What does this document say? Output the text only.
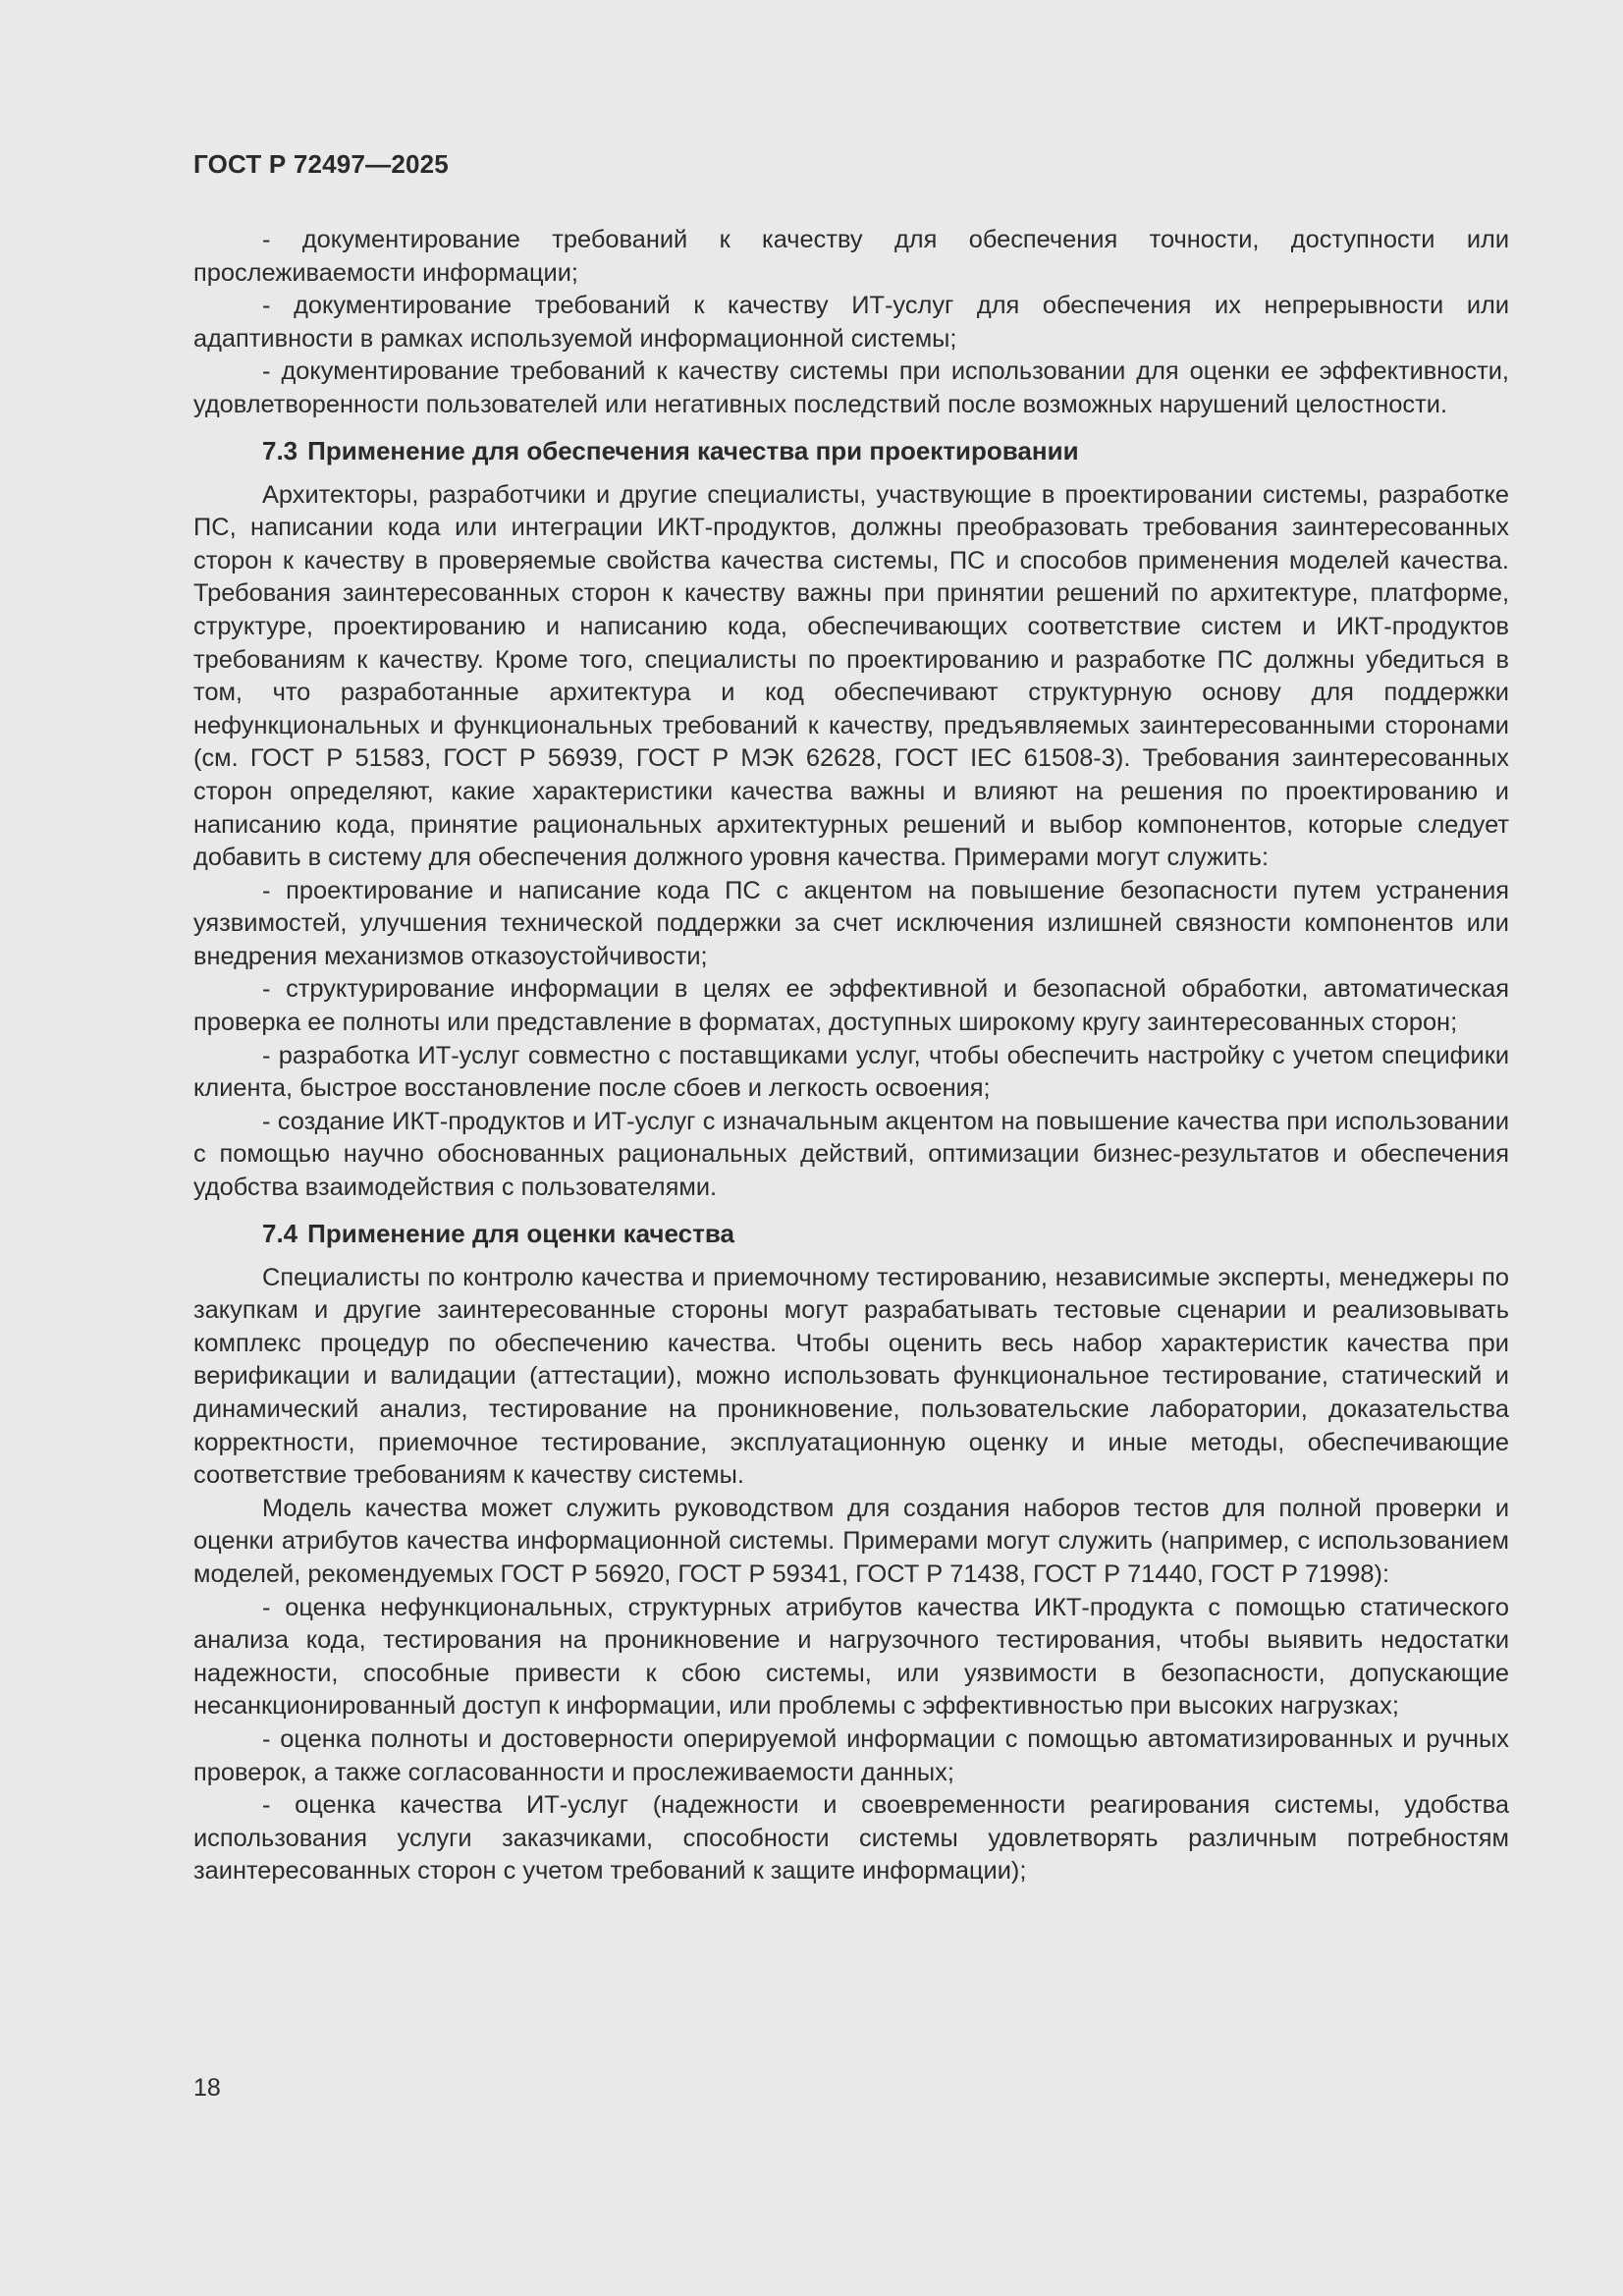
ГОСТ Р 72497—2025

- документирование требований к качеству для обеспечения точности, доступности или прослеживаемости информации;

- документирование требований к качеству ИТ-услуг для обеспечения их непрерывности или адаптивности в рамках используемой информационной системы;

- документирование требований к качеству системы при использовании для оценки ее эффективности, удовлетворенности пользователей или негативных последствий после возможных нарушений целостности.

7.3 Применение для обеспечения качества при проектировании

Архитекторы, разработчики и другие специалисты, участвующие в проектировании системы, разработке ПС, написании кода или интеграции ИКТ-продуктов, должны преобразовать требования заинтересованных сторон к качеству в проверяемые свойства качества системы, ПС и способов применения моделей качества. Требования заинтересованных сторон к качеству важны при принятии решений по архитектуре, платформе, структуре, проектированию и написанию кода, обеспечивающих соответствие систем и ИКТ-продуктов требованиям к качеству. Кроме того, специалисты по проектированию и разработке ПС должны убедиться в том, что разработанные архитектура и код обеспечивают структурную основу для поддержки нефункциональных и функциональных требований к качеству, предъявляемых заинтересованными сторонами (см. ГОСТ Р 51583, ГОСТ Р 56939, ГОСТ Р МЭК 62628, ГОСТ IEC 61508-3). Требования заинтересованных сторон определяют, какие характеристики качества важны и влияют на решения по проектированию и написанию кода, принятие рациональных архитектурных решений и выбор компонентов, которые следует добавить в систему для обеспечения должного уровня качества. Примерами могут служить:

- проектирование и написание кода ПС с акцентом на повышение безопасности путем устранения уязвимостей, улучшения технической поддержки за счет исключения излишней связности компонентов или внедрения механизмов отказоустойчивости;

- структурирование информации в целях ее эффективной и безопасной обработки, автоматическая проверка ее полноты или представление в форматах, доступных широкому кругу заинтересованных сторон;

- разработка ИТ-услуг совместно с поставщиками услуг, чтобы обеспечить настройку с учетом специфики клиента, быстрое восстановление после сбоев и легкость освоения;

- создание ИКТ-продуктов и ИТ-услуг с изначальным акцентом на повышение качества при использовании с помощью научно обоснованных рациональных действий, оптимизации бизнес-результатов и обеспечения удобства взаимодействия с пользователями.

7.4 Применение для оценки качества

Специалисты по контролю качества и приемочному тестированию, независимые эксперты, менеджеры по закупкам и другие заинтересованные стороны могут разрабатывать тестовые сценарии и реализовывать комплекс процедур по обеспечению качества. Чтобы оценить весь набор характеристик качества при верификации и валидации (аттестации), можно использовать функциональное тестирование, статический и динамический анализ, тестирование на проникновение, пользовательские лаборатории, доказательства корректности, приемочное тестирование, эксплуатационную оценку и иные методы, обеспечивающие соответствие требованиям к качеству системы.

Модель качества может служить руководством для создания наборов тестов для полной проверки и оценки атрибутов качества информационной системы. Примерами могут служить (например, с использованием моделей, рекомендуемых ГОСТ Р 56920, ГОСТ Р 59341, ГОСТ Р 71438, ГОСТ Р 71440, ГОСТ Р 71998):

- оценка нефункциональных, структурных атрибутов качества ИКТ-продукта с помощью статического анализа кода, тестирования на проникновение и нагрузочного тестирования, чтобы выявить недостатки надежности, способные привести к сбою системы, или уязвимости в безопасности, допускающие несанкционированный доступ к информации, или проблемы с эффективностью при высоких нагрузках;

- оценка полноты и достоверности оперируемой информации с помощью автоматизированных и ручных проверок, а также согласованности и прослеживаемости данных;

- оценка качества ИТ-услуг (надежности и своевременности реагирования системы, удобства использования услуги заказчиками, способности системы удовлетворять различным потребностям заинтересованных сторон с учетом требований к защите информации);

18
